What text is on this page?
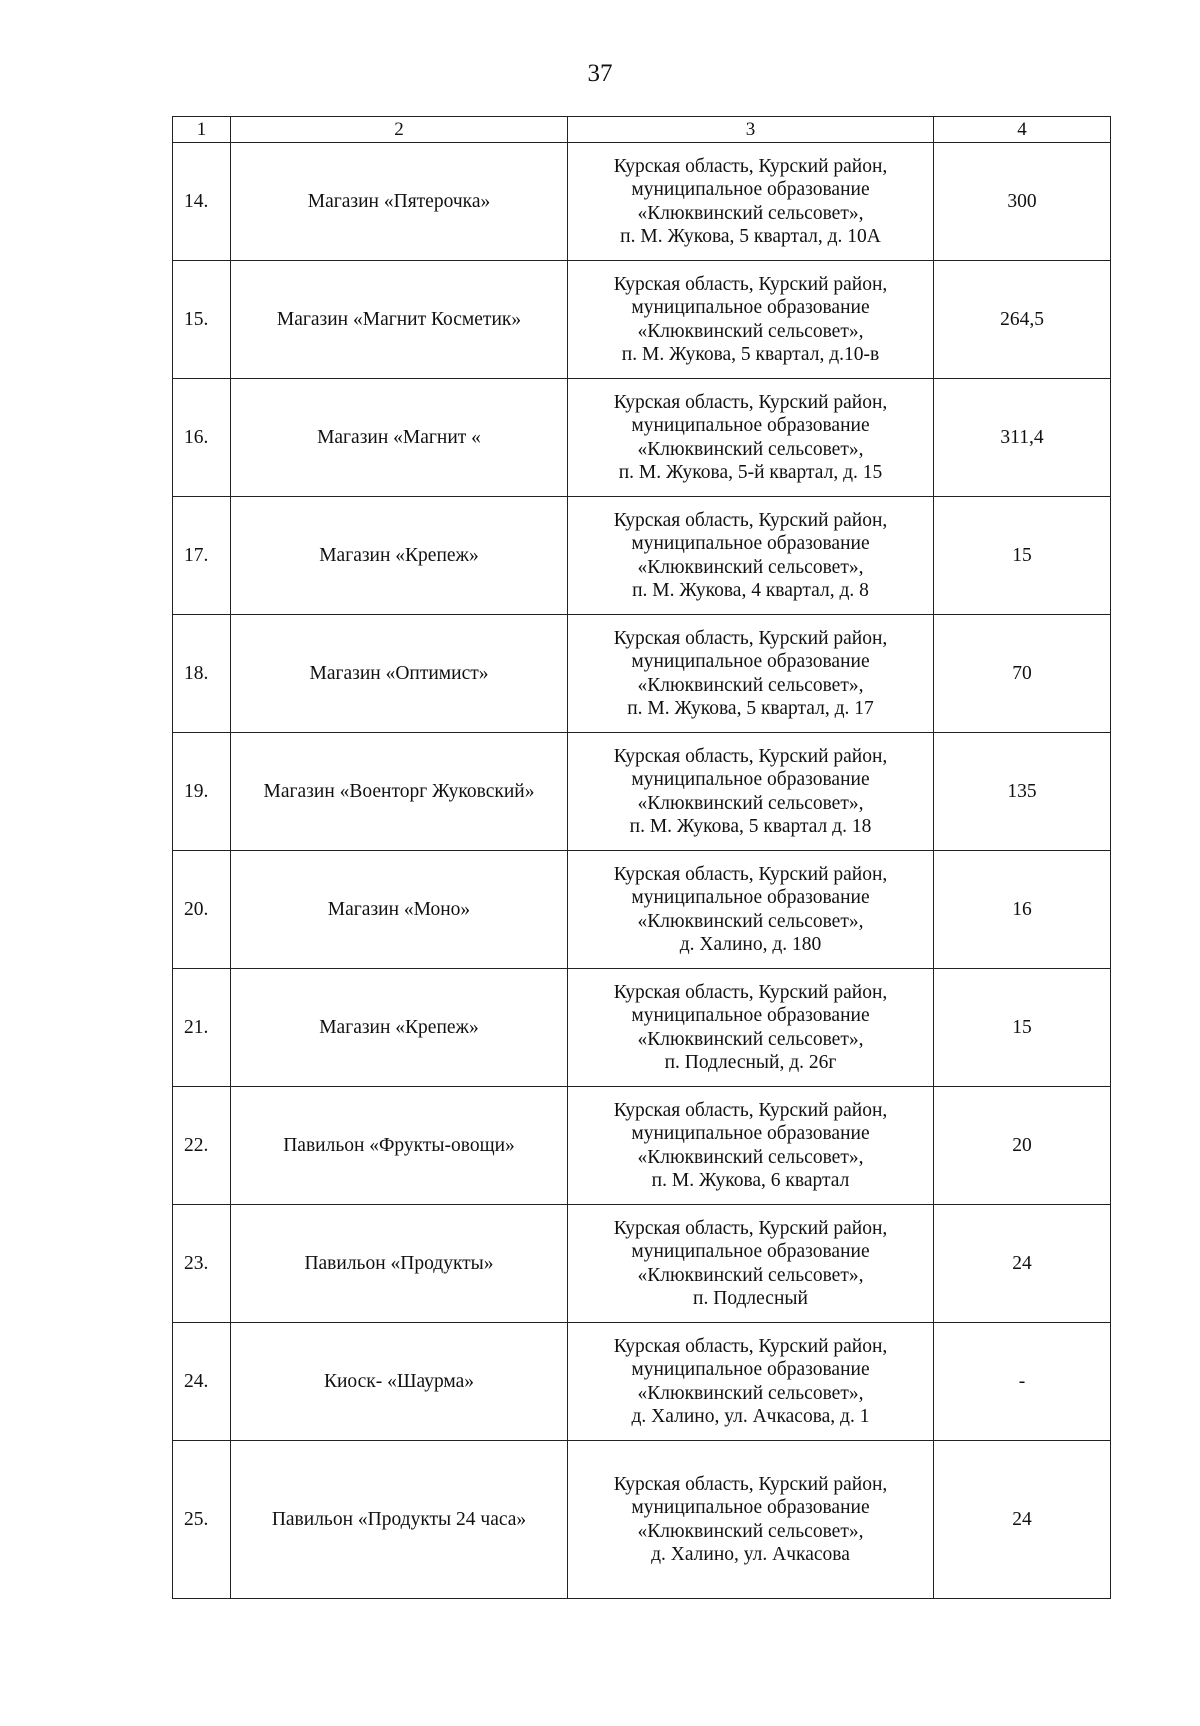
37
1	2	3	4
14.	Магазин «Пятерочка»	Курская область, Курский район,
муниципальное образование
«Клюквинский сельсовет»,
п. М. Жукова, 5 квартал, д. 10А	300
15.	Магазин «Магнит Косметик»	Курская область, Курский район,
муниципальное образование
«Клюквинский сельсовет»,
п. М. Жукова, 5 квартал, д.10-в	264,5
16.	Магазин «Магнит «	Курская область, Курский район,
муниципальное образование
«Клюквинский сельсовет»,
п. М. Жукова, 5-й квартал, д. 15	311,4
17.	Магазин «Крепеж»	Курская область, Курский район,
муниципальное образование
«Клюквинский сельсовет»,
п. М. Жукова, 4 квартал, д. 8	15
18.	Магазин «Оптимист»	Курская область, Курский район,
муниципальное образование
«Клюквинский сельсовет»,
п. М. Жукова, 5 квартал, д. 17	70
19.	Магазин «Военторг Жуковский»	Курская область, Курский район,
муниципальное образование
«Клюквинский сельсовет»,
п. М. Жукова, 5 квартал д. 18	135
20.	Магазин «Моно»	Курская область, Курский район,
муниципальное образование
«Клюквинский сельсовет»,
д. Халино, д. 180	16
21.	Магазин «Крепеж»	Курская область, Курский район,
муниципальное образование
«Клюквинский сельсовет»,
п. Подлесный, д. 26г	15
22.	Павильон «Фрукты-овощи»	Курская область, Курский район,
муниципальное образование
«Клюквинский сельсовет»,
п. М. Жукова, 6 квартал	20
23.	Павильон «Продукты»	Курская область, Курский район,
муниципальное образование
«Клюквинский сельсовет»,
п. Подлесный	24
24.	Киоск- «Шаурма»	Курская область, Курский район,
муниципальное образование
«Клюквинский сельсовет»,
д. Халино, ул. Ачкасова, д. 1	-
25.	Павильон «Продукты 24 часа»	Курская область, Курский район,
муниципальное образование
«Клюквинский сельсовет»,
д. Халино, ул. Ачкасова	24
